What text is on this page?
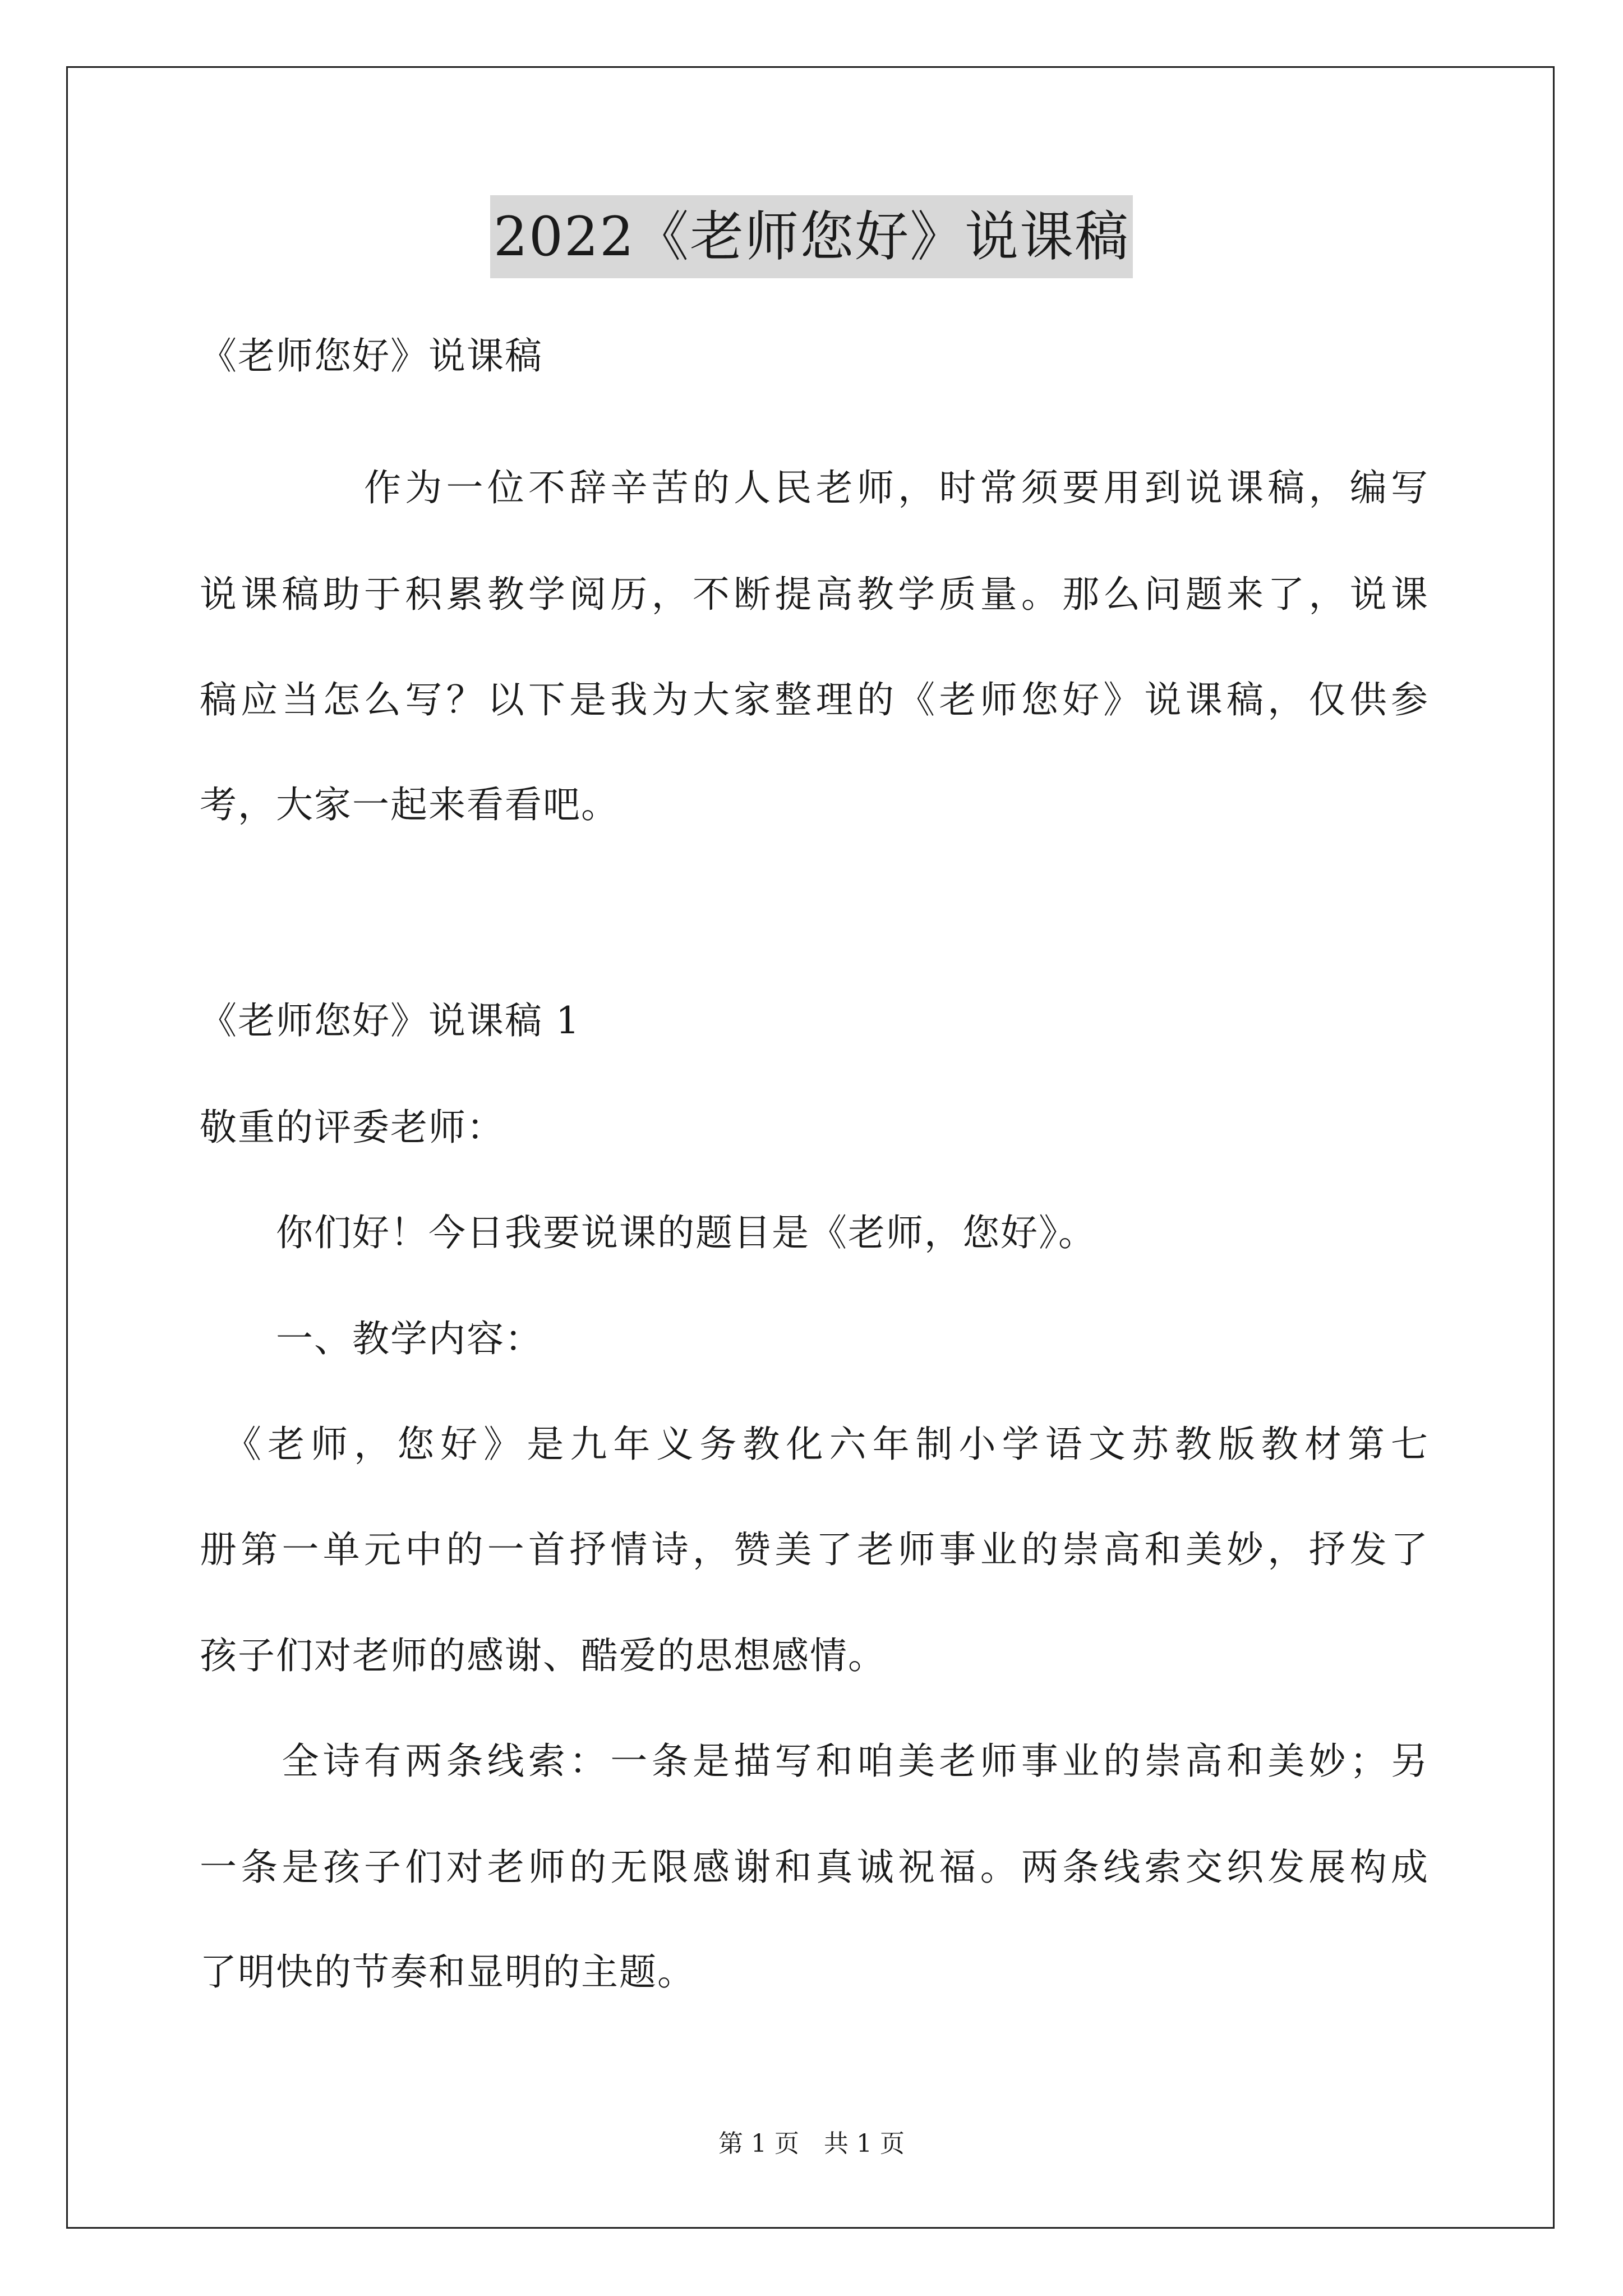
2022《老师您好》说课稿
《老师您好》说课稿
　　　　作为一位不辞辛苦的人民老师，时常须要用到说课稿，编写
说课稿助于积累教学阅历，不断提高教学质量。那么问题来了，说课
稿应当怎么写？以下是我为大家整理的《老师您好》说课稿，仅供参
考，大家一起来看看吧。
《老师您好》说课稿 1
敬重的评委老师：
　　你们好！今日我要说课的题目是《老师，您好》。
　　一、教学内容：
　《老师，您好》是九年义务教化六年制小学语文苏教版教材第七
册第一单元中的一首抒情诗，赞美了老师事业的崇高和美妙，抒发了
孩子们对老师的感谢、酷爱的思想感情。
　　全诗有两条线索：一条是描写和咱美老师事业的崇高和美妙；另
一条是孩子们对老师的无限感谢和真诚祝福。两条线索交织发展构成
了明快的节奏和显明的主题。
第 1 页　共 1 页
